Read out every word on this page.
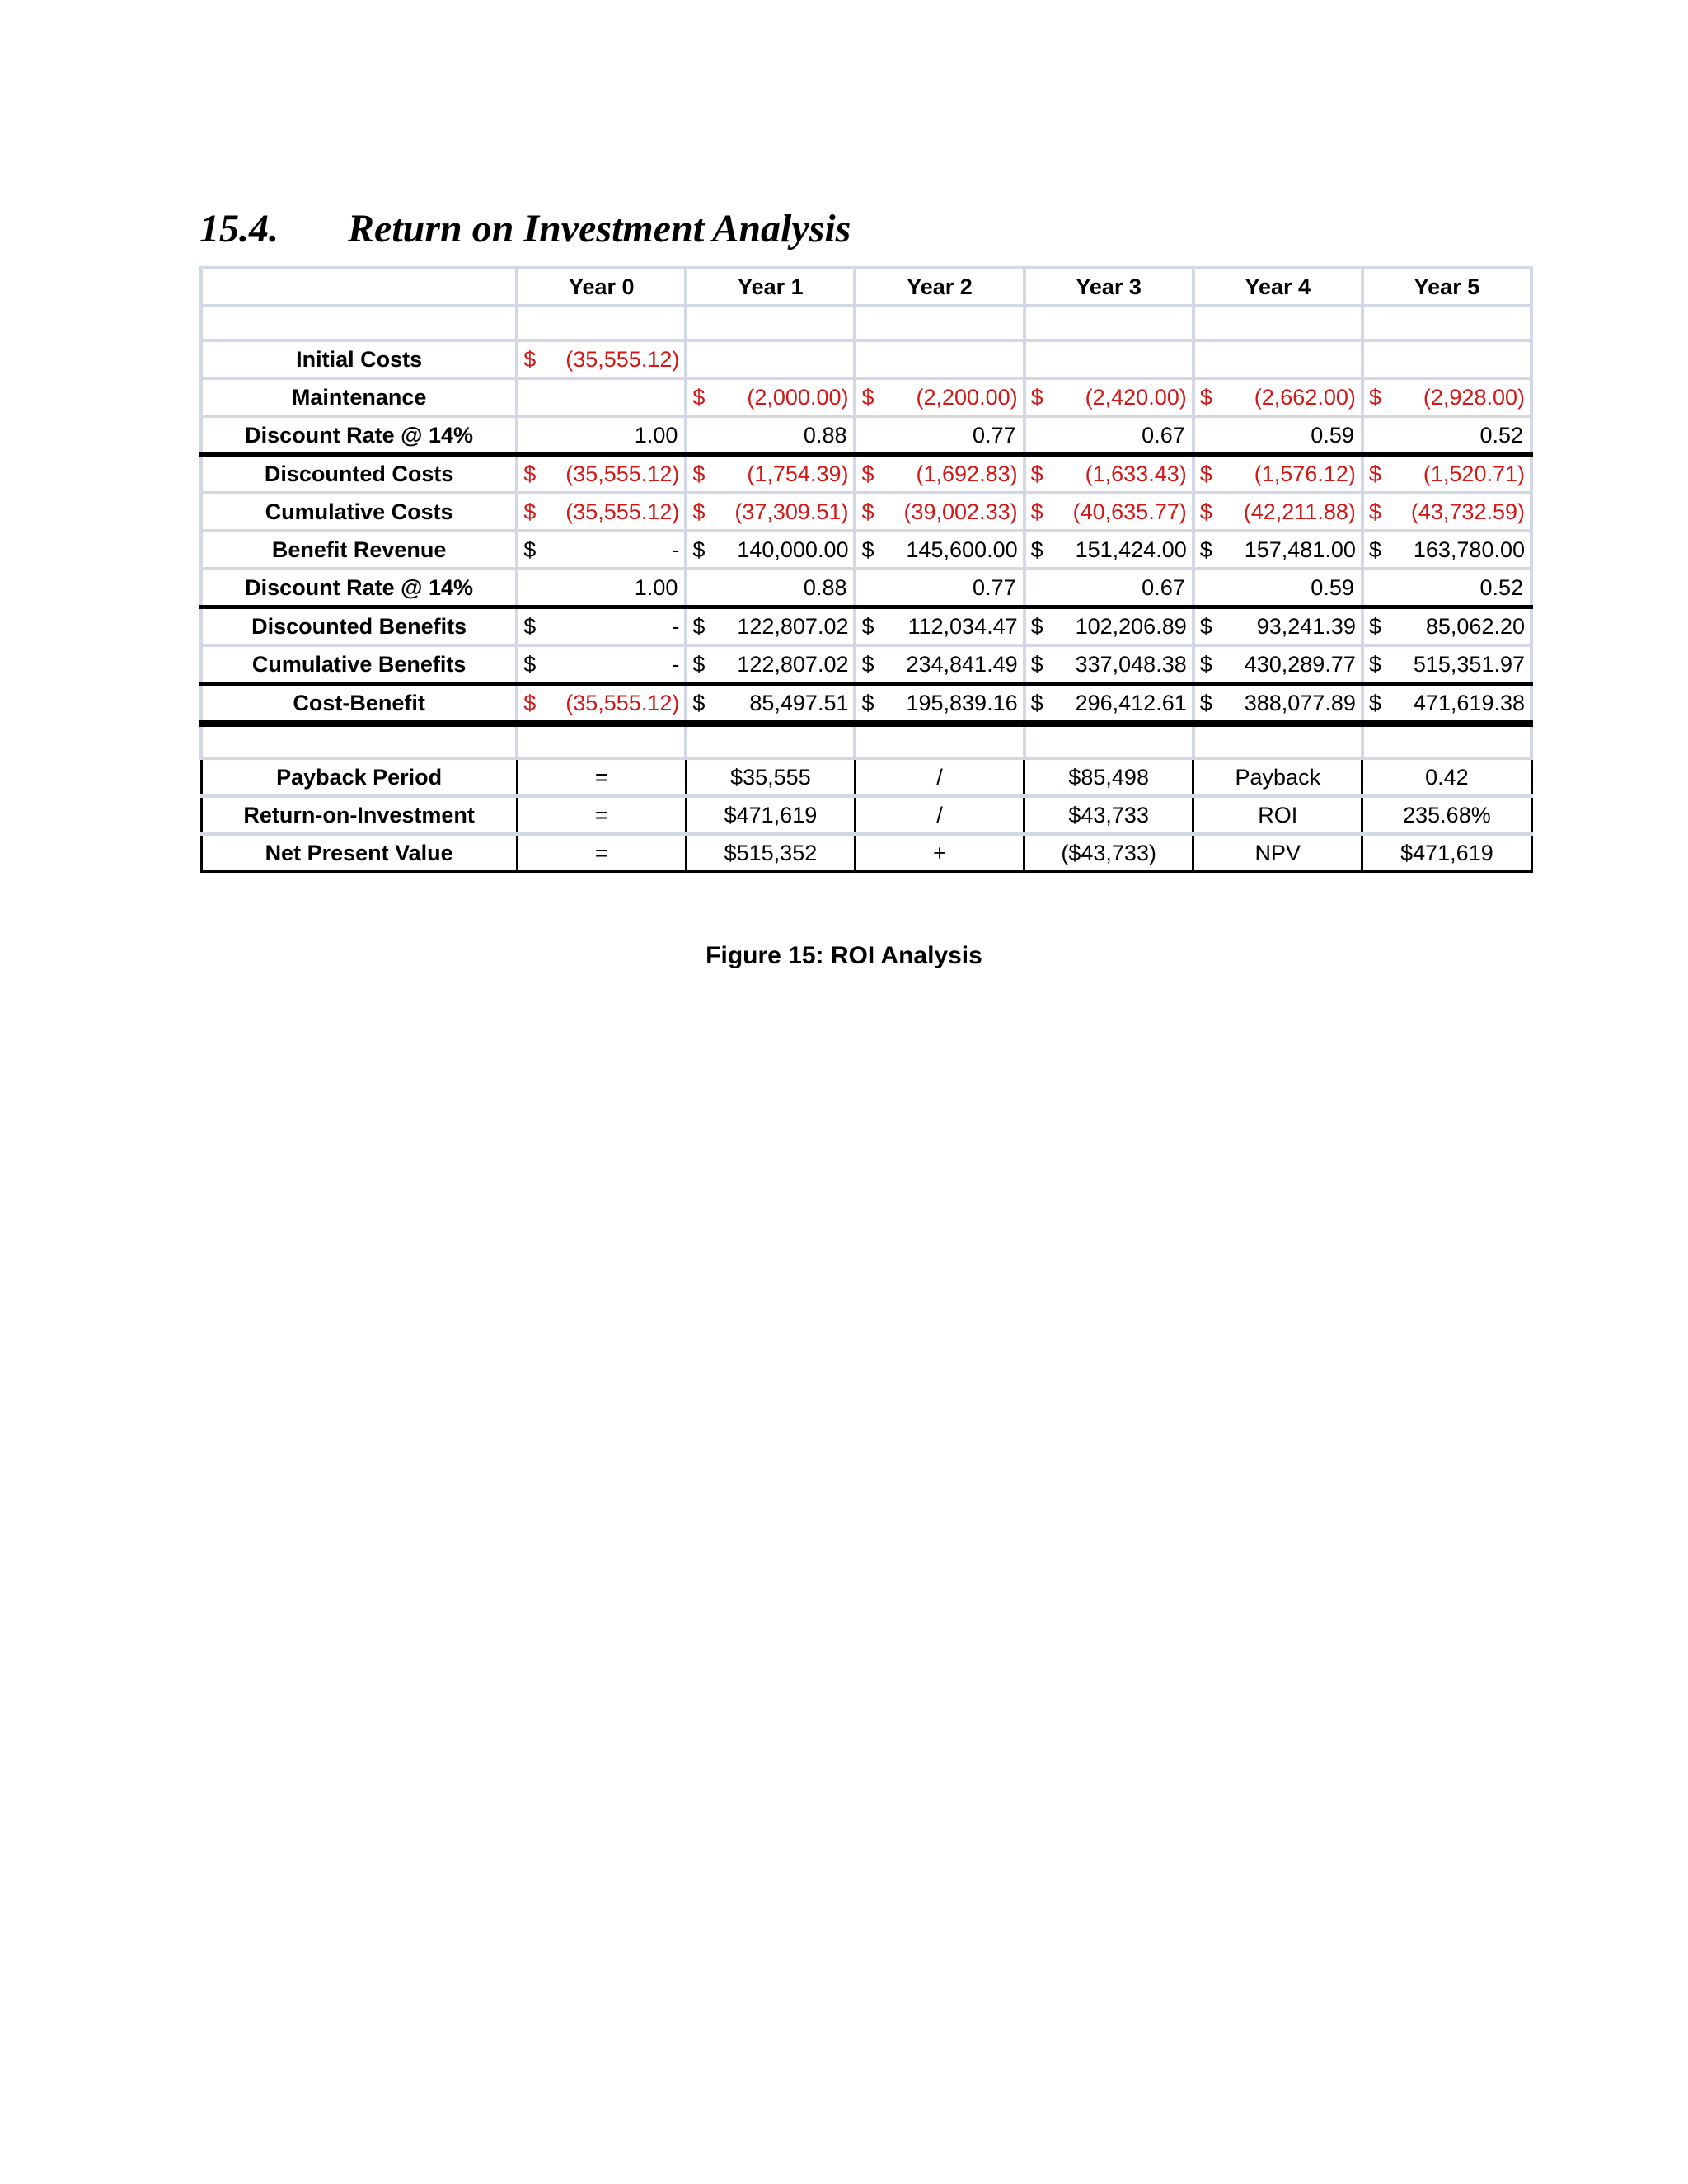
15.4. Return on Investment Analysis
	Year 0	Year 1	Year 2	Year 3	Year 4	Year 5

Initial Costs	$ (35,555.12)					

Maintenance		$ (2,000.00)	$ (2,200.00)	$ (2,420.00)	$ (2,662.00)	$ (2,928.00)

Discount Rate @ 14%	1.00	0.88	0.77	0.67	0.59	0.52
Discounted Costs	$ (35,555.12)	$ (1,754.39)	$ (1,692.83)	$ (1,633.43)	$ (1,576.12)	$ (1,520.71)

Cumulative Costs	$ (35,555.12)	$ (37,309.51)	$ (39,002.33)	$ (40,635.77)	$ (42,211.88)	$ (43,732.59)

Benefit Revenue	$ -	$ 140,000.00	$ 145,600.00	$ 151,424.00	$ 157,481.00	$ 163,780.00

Discount Rate @ 14%	1.00	0.88	0.77	0.67	0.59	0.52
Discounted Benefits	$ -	$ 122,807.02	$ 112,034.47	$ 102,206.89	$ 93,241.39	$ 85,062.20

Cumulative Benefits	$ -	$ 122,807.02	$ 234,841.49	$ 337,048.38	$ 430,289.77	$ 515,351.97

Cost-Benefit	$ (35,555.12)	$ 85,497.51	$ 195,839.16	$ 296,412.61	$ 388,077.89	$ 471,619.38

Payback Period	=	$35,555	/	$85,498	Payback	0.42
Return-on-Investment	=	$471,619	/	$43,733	ROI	235.68%
Net Present Value	=	$515,352	+	($43,733)	NPV	$471,619
Figure 15: ROI Analysis
